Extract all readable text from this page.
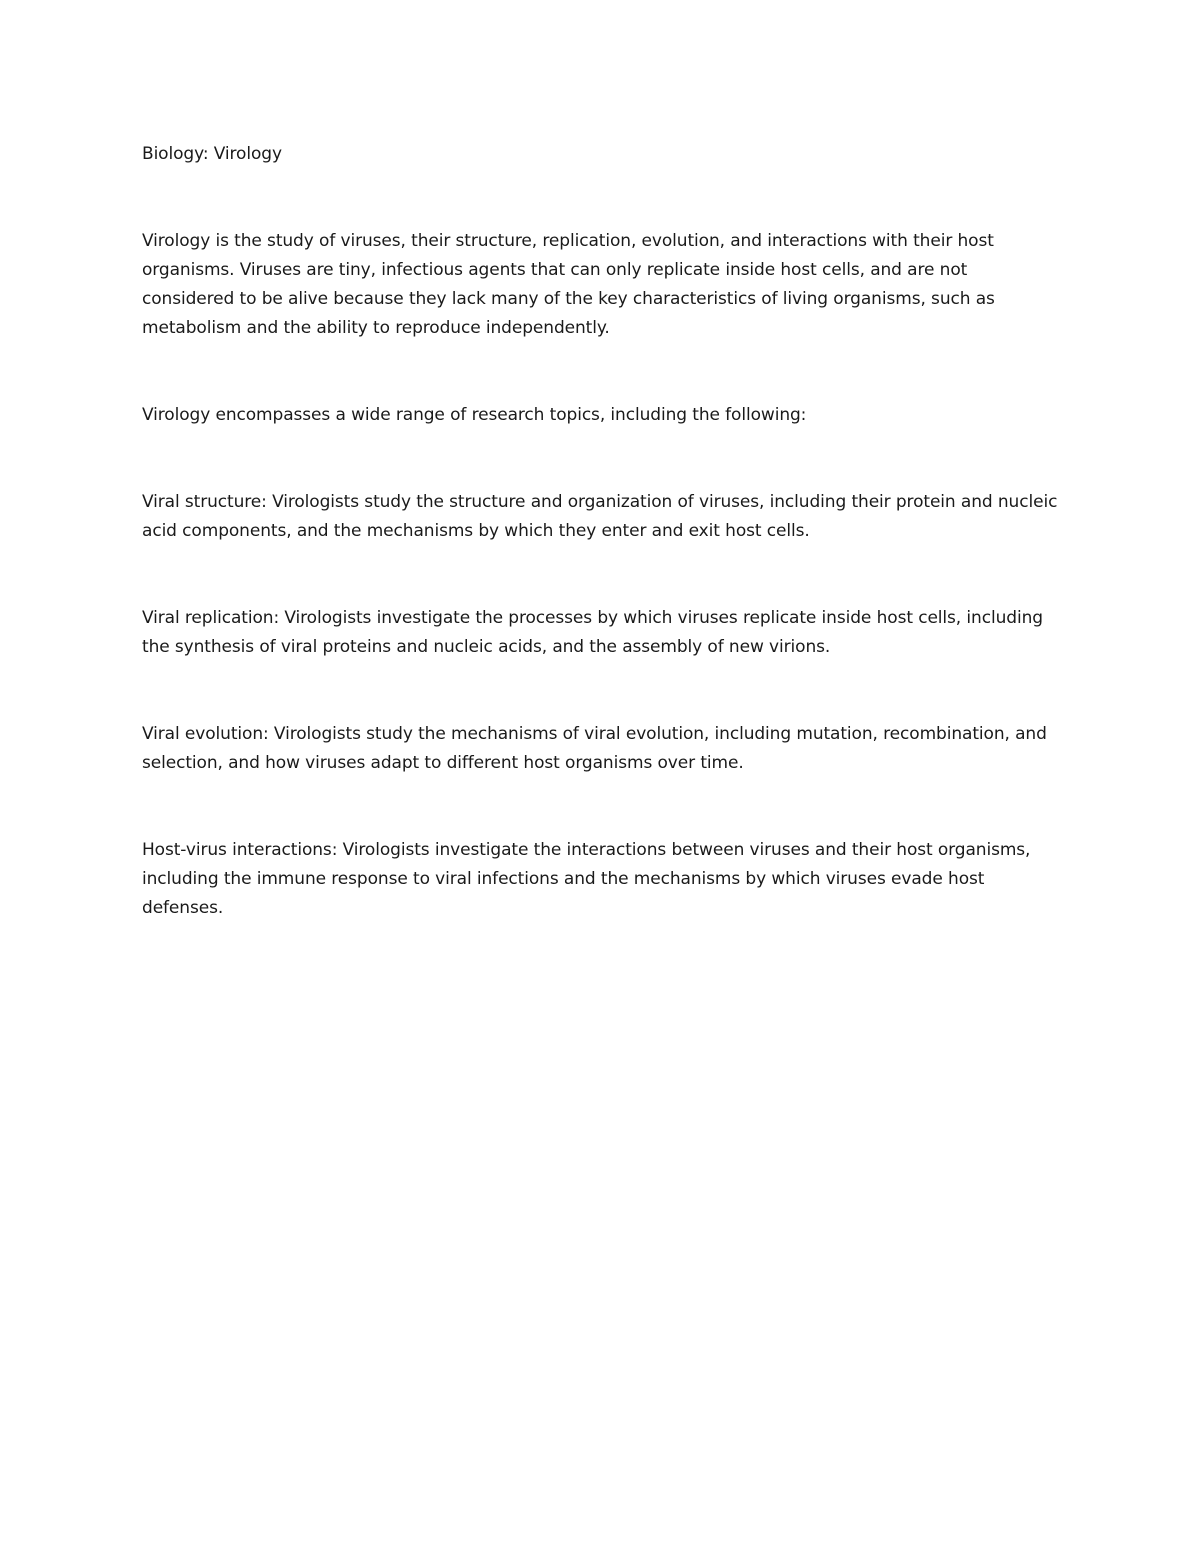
Biology: Virology
Virology is the study of viruses, their structure, replication, evolution, and interactions with their host organisms. Viruses are tiny, infectious agents that can only replicate inside host cells, and are not considered to be alive because they lack many of the key characteristics of living organisms, such as metabolism and the ability to reproduce independently.
Virology encompasses a wide range of research topics, including the following:
Viral structure: Virologists study the structure and organization of viruses, including their protein and nucleic acid components, and the mechanisms by which they enter and exit host cells.
Viral replication: Virologists investigate the processes by which viruses replicate inside host cells, including the synthesis of viral proteins and nucleic acids, and the assembly of new virions.
Viral evolution: Virologists study the mechanisms of viral evolution, including mutation, recombination, and selection, and how viruses adapt to different host organisms over time.
Host-virus interactions: Virologists investigate the interactions between viruses and their host organisms, including the immune response to viral infections and the mechanisms by which viruses evade host defenses.
